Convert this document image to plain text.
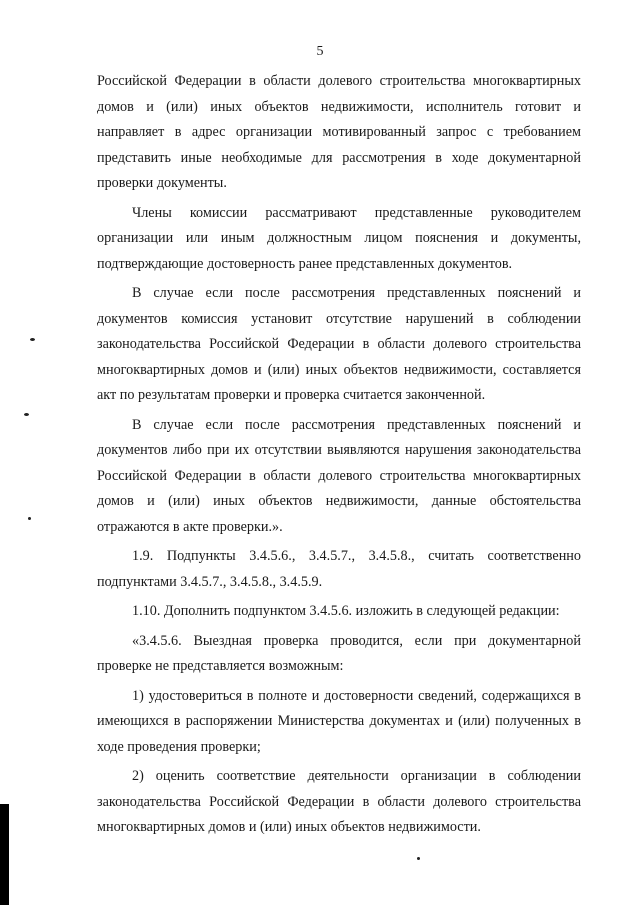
5

Российской Федерации в области долевого строительства многоквартирных домов и (или) иных объектов недвижимости, исполнитель готовит и направляет в адрес организации мотивированный запрос с требованием представить иные необходимые для рассмотрения в ходе документарной проверки документы.

Члены комиссии рассматривают представленные руководителем организации или иным должностным лицом пояснения и документы, подтверждающие достоверность ранее представленных документов.

В случае если после рассмотрения представленных пояснений и документов комиссия установит отсутствие нарушений в соблюдении законодательства Российской Федерации в области долевого строительства многоквартирных домов и (или) иных объектов недвижимости, составляется акт по результатам проверки и проверка считается законченной.

В случае если после рассмотрения представленных пояснений и документов либо при их отсутствии выявляются нарушения законодательства Российской Федерации в области долевого строительства многоквартирных домов и (или) иных объектов недвижимости, данные обстоятельства отражаются в акте проверки.».

1.9. Подпункты 3.4.5.6., 3.4.5.7., 3.4.5.8., считать соответственно подпунктами 3.4.5.7., 3.4.5.8., 3.4.5.9.

1.10. Дополнить подпунктом 3.4.5.6. изложить в следующей редакции:

«3.4.5.6. Выездная проверка проводится, если при документарной проверке не представляется возможным:

1) удостовериться в полноте и достоверности сведений, содержащихся в имеющихся в распоряжении Министерства документах и (или) полученных в ходе проведения проверки;

2) оценить соответствие деятельности организации в соблюдении законодательства Российской Федерации в области долевого строительства многоквартирных домов и (или) иных объектов недвижимости.
